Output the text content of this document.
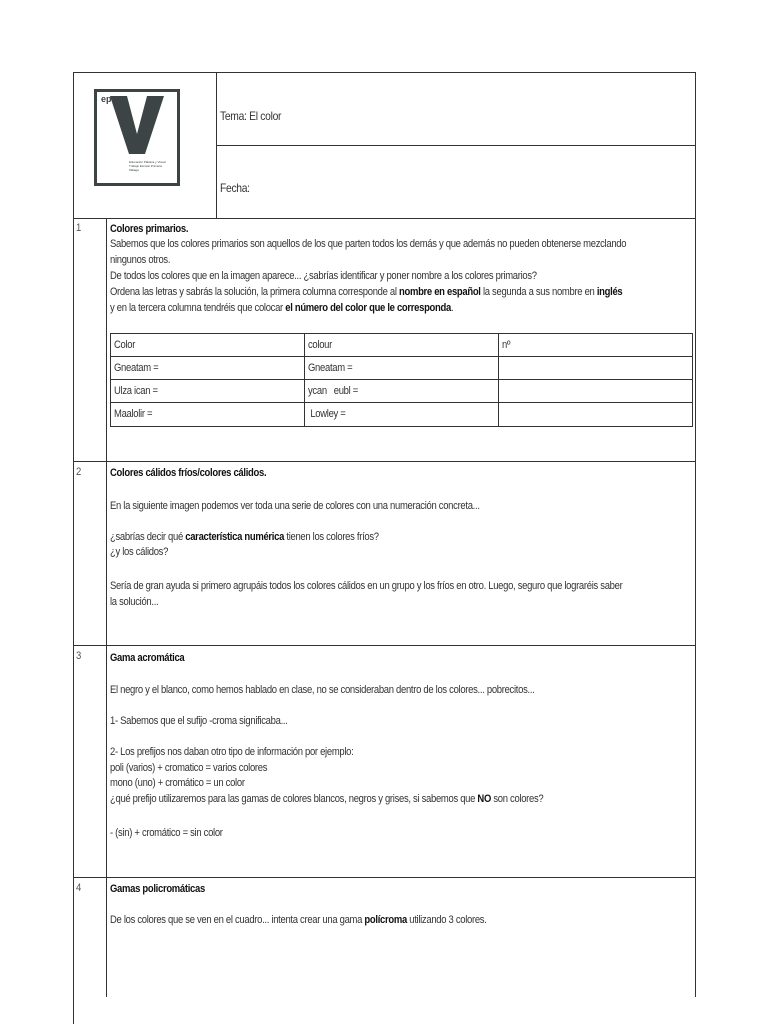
ep
Educación Plástica y Visual
Trabajo Escolar Primaria
Málaga
Tema: El color
Fecha:
1	Colores primarios.
Sabemos que los colores primarios son aquellos de los que parten todos los demás y que además no pueden obtenerse mezclando
ningunos otros.
De todos los colores que en la imagen aparece... ¿sabrías identificar y poner nombre a los colores primarios?
Ordena las letras y sabrás la solución, la primera columna corresponde al nombre en español la segunda a sus nombre en inglés
y en la tercera columna tendréis que colocar el número del color que le corresponda.
Color	colour	nº
Gneatam =	Gneatam =
Ulza ican =	ycan   eubl =
Maalolir =	Lowley =
2	Colores cálidos fríos/colores cálidos.
En la siguiente imagen podemos ver toda una serie de colores con una numeración concreta...
¿sabrías decir qué característica numérica tienen los colores fríos?
¿y los cálidos?
Sería de gran ayuda si primero agrupáis todos los colores cálidos en un grupo y los fríos en otro. Luego, seguro que lograréis saber
la solución...
3	Gama acromática
El negro y el blanco, como hemos hablado en clase, no se consideraban dentro de los colores... pobrecitos...
1- Sabemos que el sufijo -croma significaba...
2- Los prefijos nos daban otro tipo de información por ejemplo:
poli (varios) + cromatico = varios colores
mono (uno) + cromático = un color
¿qué prefijo utilizaremos para las gamas de colores blancos, negros y grises, si sabemos que NO son colores?
- (sin) + cromático = sin color
4	Gamas policromáticas
De los colores que se ven en el cuadro... intenta crear una gama polícroma utilizando 3 colores.
